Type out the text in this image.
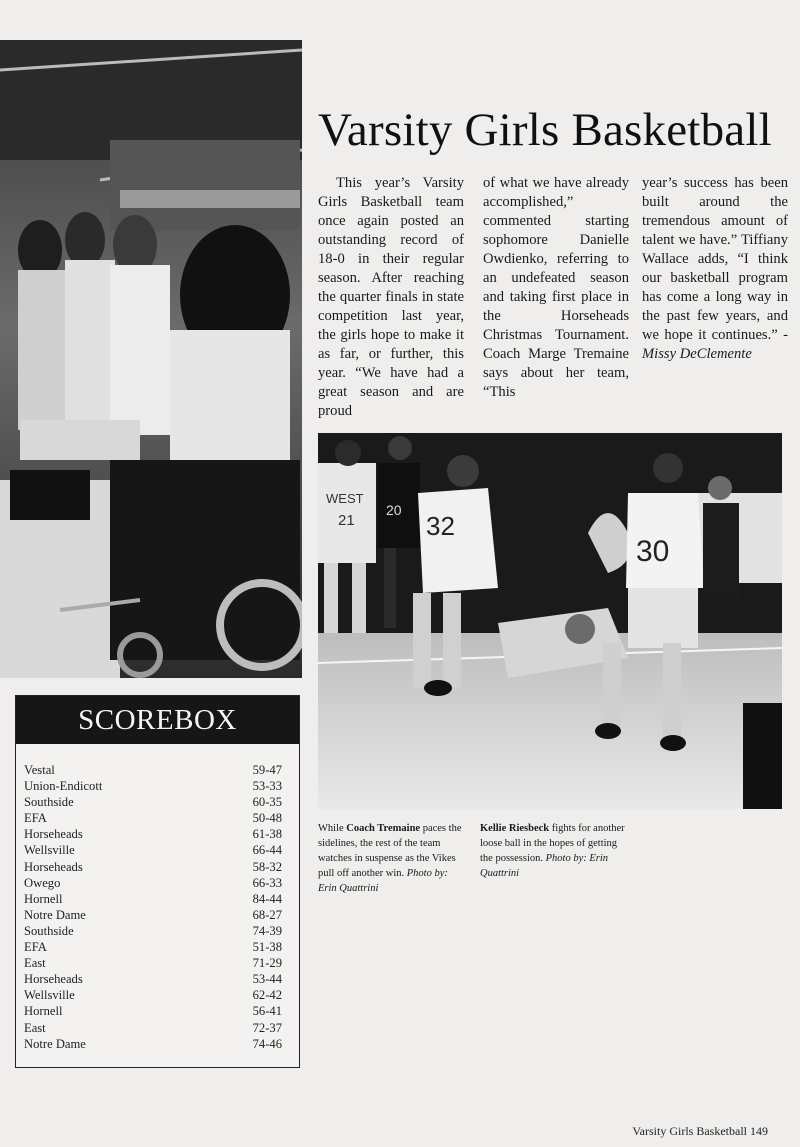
Varsity Girls Basketball
This year’s Varsity Girls Basketball team once again posted an outstanding record of 18-0 in their regular season. After reaching the quarter finals in state competition last year, the girls hope to make it as far, or further, this year. “We have had a great season and are proud
of what we have already accomplished,” commented starting sophomore Danielle Owdienko, referring to an undefeated season and taking first place in the Horseheads Christmas Tournament. Coach Marge Tremaine says about her team, “This
year’s success has been built around the tremendous amount of talent we have.” Tiffiany Wallace adds, “I think our basketball program has come a long way in the past few years, and we hope it continues.” -Missy DeClemente
WEST
21
20
32
30
While Coach Tremaine paces the sidelines, the rest of the team watches in suspense as the Vikes pull off another win. Photo by: Erin Quattrini
Kellie Riesbeck fights for another loose ball in the hopes of getting the possession. Photo by: Erin Quattrini
SCOREBOX
Vestal	59-47
Union-Endicott	53-33
Southside	60-35
EFA	50-48
Horseheads	61-38
Wellsville	66-44
Horseheads	58-32
Owego	66-33
Hornell	84-44
Notre Dame	68-27
Southside	74-39
EFA	51-38
East	71-29
Horseheads	53-44
Wellsville	62-42
Hornell	56-41
East	72-37
Notre Dame	74-46
Varsity Girls Basketball 149
